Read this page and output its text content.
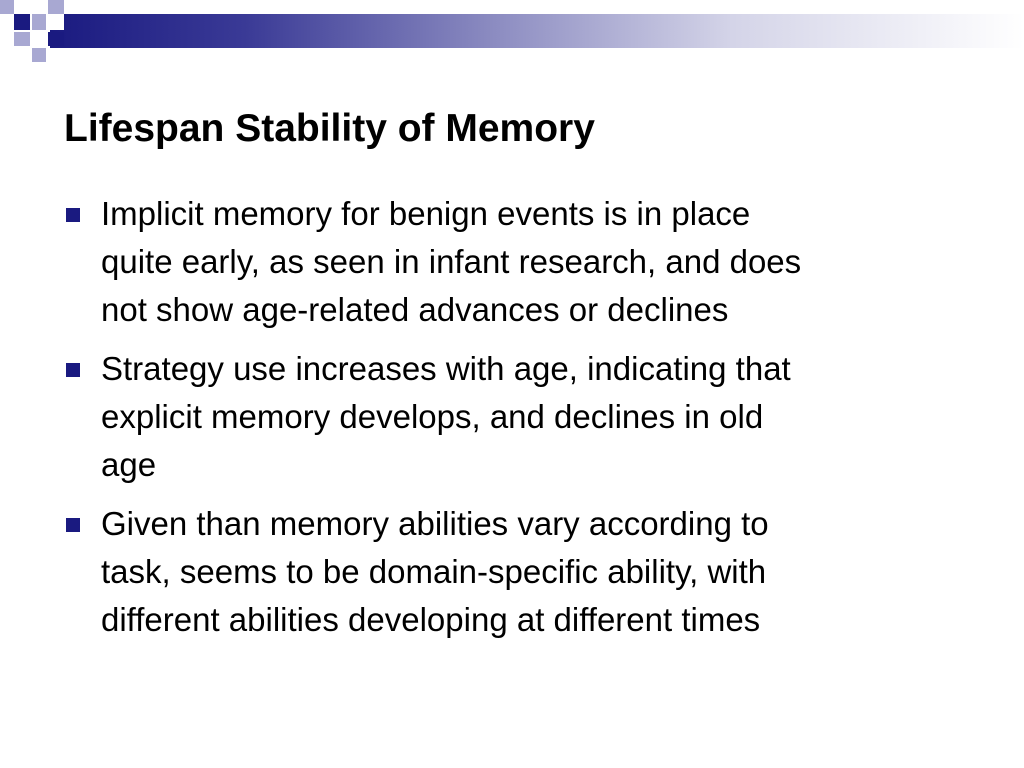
Lifespan Stability of Memory
Implicit memory for benign events is in place
quite early, as seen in infant research, and does
not show age-related advances or declines
Strategy use increases with age, indicating that
explicit memory develops, and declines in old
age
Given than memory abilities vary according to
task, seems to be domain-specific ability, with
different abilities developing at different times
